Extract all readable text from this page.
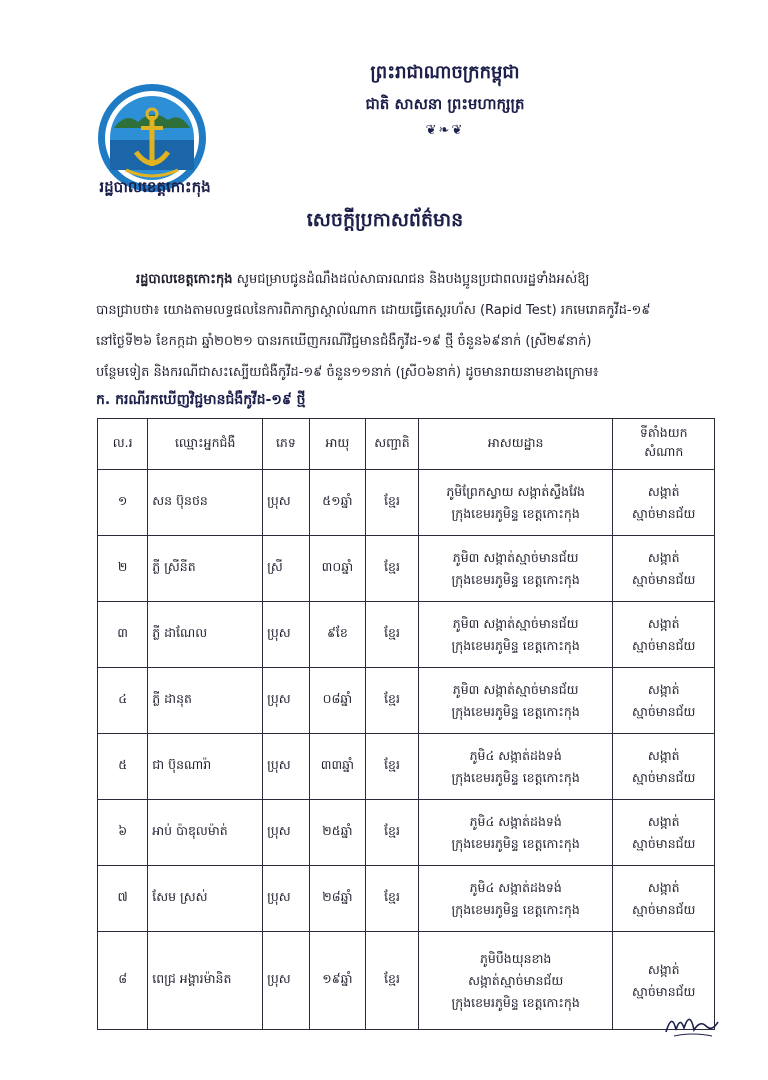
រដ្ឋបាលខេត្តកោះកុង
ព្រះរាជាណាចក្រកម្ពុជា
ជាតិ សាសនា ព្រះមហាក្សត្រ
❦❧❦
សេចក្តីប្រកាសព័ត៌មាន

រដ្ឋបាលខេត្តកោះកុង សូមជម្រាបជូនដំណឹងដល់សាធារណជន និងបងប្អូនប្រជាពលរដ្ឋទាំងអស់ឱ្យ

បានជ្រាបថា៖ យោងតាមលទ្ធផលនៃការពិភាក្សាស្គាល់ណាក ដោយធ្វើតេស្តរហ័ស (Rapid Test) រកមេរោគកូវីដ-១៩

នៅថ្ងៃទី២៦ ខែកក្កដា ឆ្នាំ២០២១ បានរកឃើញករណីវិជ្ជមានជំងឺកូវីដ-១៩ ថ្មី ចំនួន៦៩នាក់ (ស្រី២៩នាក់)

បន្ថែមទៀត និងករណីជាសះស្បើយជំងឺកូវីដ-១៩ ចំនួន១១នាក់ (ស្រី០៦នាក់) ដូចមានរាយនាមខាងក្រោម៖

ក. ករណីរកឃើញវិជ្ជមានជំងឺកូវីដ-១៩ ថ្មី
ល.រ	ឈ្មោះអ្នកជំងឺ	ភេទ	អាយុ	សញ្ជាតិ	អាសយដ្ឋាន	ទីតាំងយក
សំណាក

១	សន ប៊ុនថន	ប្រុស	៥១ឆ្នាំ	ខ្មែរ	ភូមិព្រែកស្វាយ សង្កាត់ស្ទឹងវែង
ក្រុងខេមរភូមិន្ទ ខេត្តកោះកុង	សង្កាត់
ស្មាច់មានជ័យ

២	ភ្លី ស្រីនីត	ស្រី	៣០ឆ្នាំ	ខ្មែរ	ភូមិ៣ សង្កាត់ស្មាច់មានជ័យ
ក្រុងខេមរភូមិន្ទ ខេត្តកោះកុង	សង្កាត់
ស្មាច់មានជ័យ

៣	ភ្លី ដាណែល	ប្រុស	៩ខែ	ខ្មែរ	ភូមិ៣ សង្កាត់ស្មាច់មានជ័យ
ក្រុងខេមរភូមិន្ទ ខេត្តកោះកុង	សង្កាត់
ស្មាច់មានជ័យ

៤	ភ្លី ដានុត	ប្រុស	០៨ឆ្នាំ	ខ្មែរ	ភូមិ៣ សង្កាត់ស្មាច់មានជ័យ
ក្រុងខេមរភូមិន្ទ ខេត្តកោះកុង	សង្កាត់
ស្មាច់មានជ័យ

៥	ជា ប៊ុនណារ៉ា	ប្រុស	៣៣ឆ្នាំ	ខ្មែរ	ភូមិ៤ សង្កាត់ដងទង់
ក្រុងខេមរភូមិន្ទ ខេត្តកោះកុង	សង្កាត់
ស្មាច់មានជ័យ

៦	អាប់ ប៉ាឌុលម៉ាត់	ប្រុស	២៥ឆ្នាំ	ខ្មែរ	ភូមិ៤ សង្កាត់ដងទង់
ក្រុងខេមរភូមិន្ទ ខេត្តកោះកុង	សង្កាត់
ស្មាច់មានជ័យ

៧	សែម ស្រស់	ប្រុស	២៨ឆ្នាំ	ខ្មែរ	ភូមិ៤ សង្កាត់ដងទង់
ក្រុងខេមរភូមិន្ទ ខេត្តកោះកុង	សង្កាត់
ស្មាច់មានជ័យ

៨	ពេជ្រ អង្គារម៉ានិត	ប្រុស	១៩ឆ្នាំ	ខ្មែរ	ភូមិបឹងយុនខាង
សង្កាត់ស្មាច់មានជ័យ
ក្រុងខេមរភូមិន្ទ ខេត្តកោះកុង	សង្កាត់
ស្មាច់មានជ័យ
